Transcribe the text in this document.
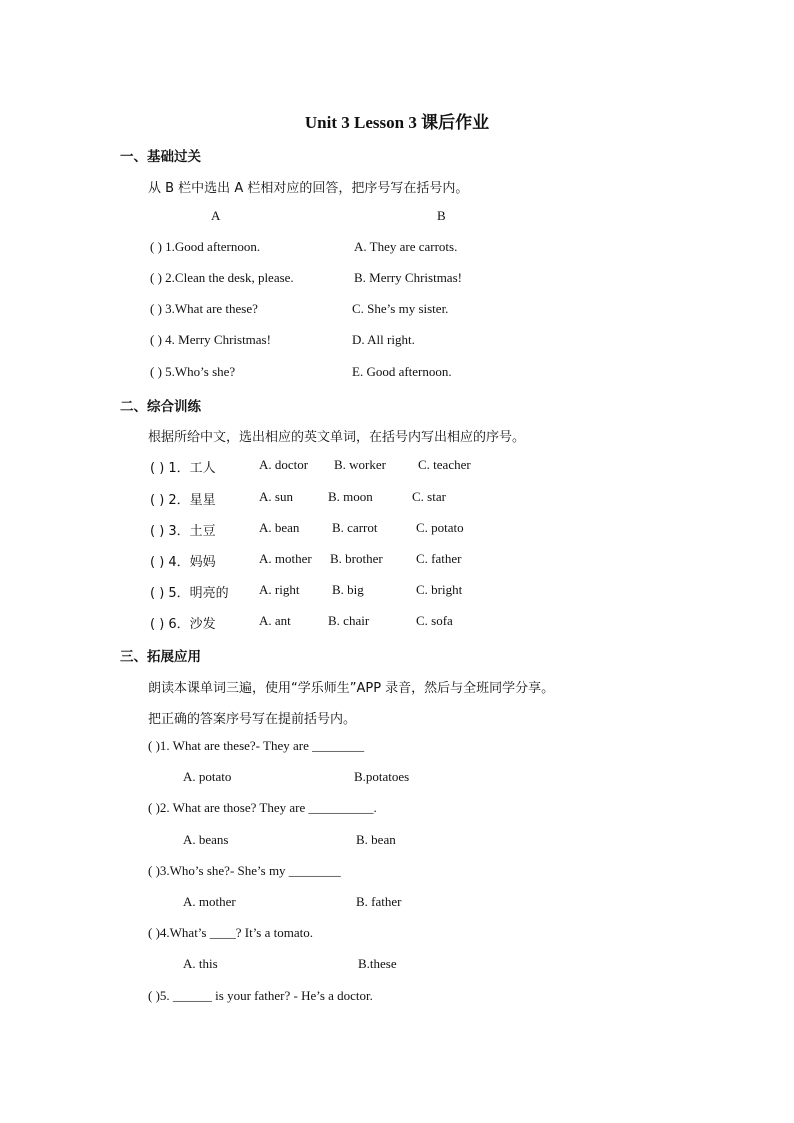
Unit 3 Lesson 3 课后作业
一、基础过关
从 B 栏中选出 A 栏相对应的回答，把序号写在括号内。
A	B
( ) 1.Good afternoon.	A. They are carrots.
( ) 2.Clean the desk, please.	B. Merry Christmas!
( ) 3.What are these?	C. She’s my sister.
( ) 4. Merry Christmas!	D. All right.
( ) 5.Who’s she?	E. Good afternoon.
二、综合训练
根据所给中文，选出相应的英文单词，在括号内写出相应的序号。
( ) 1．工人	A. doctor B. worker C. teacher
( ) 2．星星	A. sun	B. moon	C. star
( ) 3．土豆	A. bean	B. carrot	C. potato
( ) 4．妈妈	A. mother B. brother	C. father
( ) 5．明亮的 A. right	B. big	C. bright
( ) 6．沙发	A. ant	B. chair	C. sofa
三、拓展应用
朗读本课单词三遍，使用“学乐师生”APP 录音，然后与全班同学分享。
把正确的答案序号写在提前括号内。
( )1. What are these?- They are ________
A. potato	B.potatoes
( )2. What are those? They are __________.
A. beans	B. bean
( )3.Who’s she?- She’s my ________
A. mother	B. father
( )4.What’s ____? It’s a tomato.
A. this	B.these
( )5. ______ is your father? - He’s a doctor.
